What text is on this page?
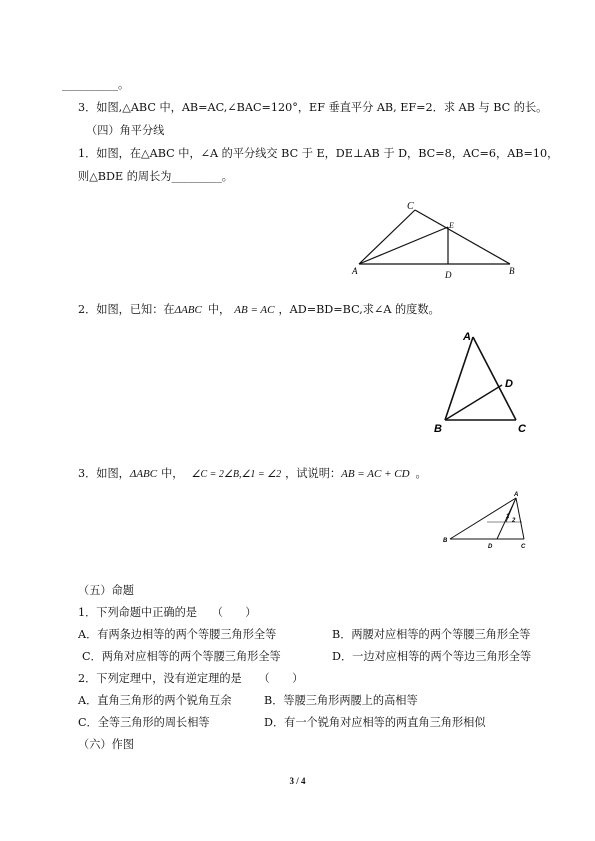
__________。
3．如图,△ABC 中，AB=AC,∠BAC=120°，EF 垂直平分 AB, EF=2．求 AB 与 BC 的长。
（四）角平分线
1．如图，在△ABC 中，∠A 的平分线交 BC 于 E，DE⊥AB 于 D，BC=8，AC=6，AB=10，
则△BDE 的周长为_________。
C
E
A	D	B
2．如图，已知：在ΔABC 中， AB = AC ，AD=BD=BC,求∠A 的度数。
A
D
B	C
3．如图，ΔABC 中， ∠C = 2∠B,∠1 = ∠2 ，试说明：AB = AC + CD 。
A
1
2
B
D	C
（五）命题
1．下列命题中正确的是　 （　　）
A．有两条边相等的两个等腰三角形全等	B．两腰对应相等的两个等腰三角形全等
C．两角对应相等的两个等腰三角形全等	D．一边对应相等的两个等边三角形全等
2．下列定理中，没有逆定理的是　　（　　）
A．直角三角形的两个锐角互余	B．等腰三角形两腰上的高相等
C．全等三角形的周长相等	D．有一个锐角对应相等的两直角三角形相似
（六）作图
3 / 4
